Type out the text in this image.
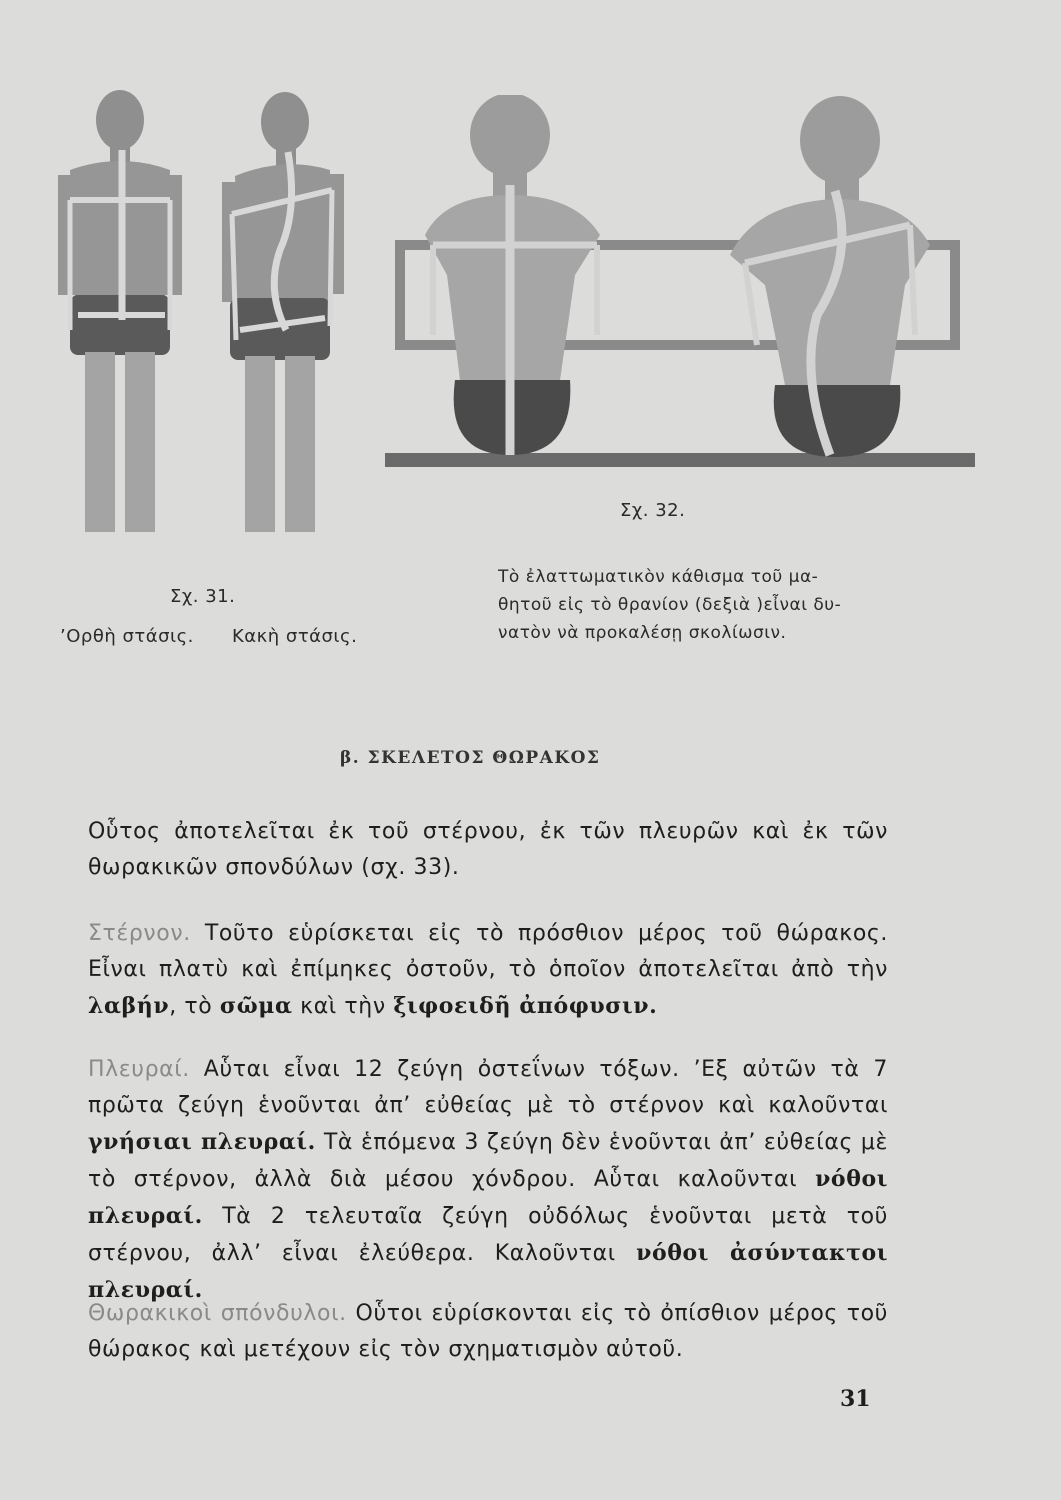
Σχ. 32.
Τὸ ἐλαττωματικὸν κάθισμα τοῦ μα-
θητοῦ εἰς τὸ θρανίον (δεξιὰ )εἶναι δυ-
νατὸν νὰ προκαλέσῃ σκολίωσιν.
Σχ. 31.
’Ορθὴ στάσις. Κακὴ στάσις.
β. ΣΚΕΛΕΤΟΣ ΘΩΡΑΚΟΣ
Οὗτος ἀποτελεῖται ἐκ τοῦ στέρνου, ἐκ τῶν πλευρῶν καὶ ἐκ τῶν θωρακικῶν σπονδύλων (σχ. 33).
Στέρνον. Τοῦτο εὑρίσκεται εἰς τὸ πρόσθιον μέρος τοῦ θώρακος. Εἶναι πλατὺ καὶ ἐπίμηκες ὀστοῦν, τὸ ὁποῖον ἀποτελεῖται ἀπὸ τὴν λαβήν, τὸ σῶμα καὶ τὴν ξιφοειδῆ ἀπόφυσιν.
Πλευραί. Αὗται εἶναι 12 ζεύγη ὀστεΐνων τόξων. ’Εξ αὐτῶν τὰ 7 πρῶτα ζεύγη ἑνοῦνται ἀπ’ εὐθείας μὲ τὸ στέρνον καὶ καλοῦνται γνήσιαι πλευραί. Τὰ ἑπόμενα 3 ζεύγη δὲν ἑνοῦνται ἀπ’ εὐθείας μὲ τὸ στέρνον, ἀλλὰ διὰ μέσου χόνδρου. Αὗται καλοῦνται νόθοι πλευραί. Τὰ 2 τελευταῖα ζεύγη οὐδόλως ἑνοῦνται μετὰ τοῦ στέρνου, ἀλλ’ εἶναι ἐλεύθερα. Καλοῦνται νόθοι ἀσύντακτοι πλευραί.
Θωρακικοὶ σπόνδυλοι. Οὗτοι εὑρίσκονται εἰς τὸ ὀπίσθιον μέρος τοῦ θώρακος καὶ μετέχουν εἰς τὸν σχηματισμὸν αὐτοῦ.
31
